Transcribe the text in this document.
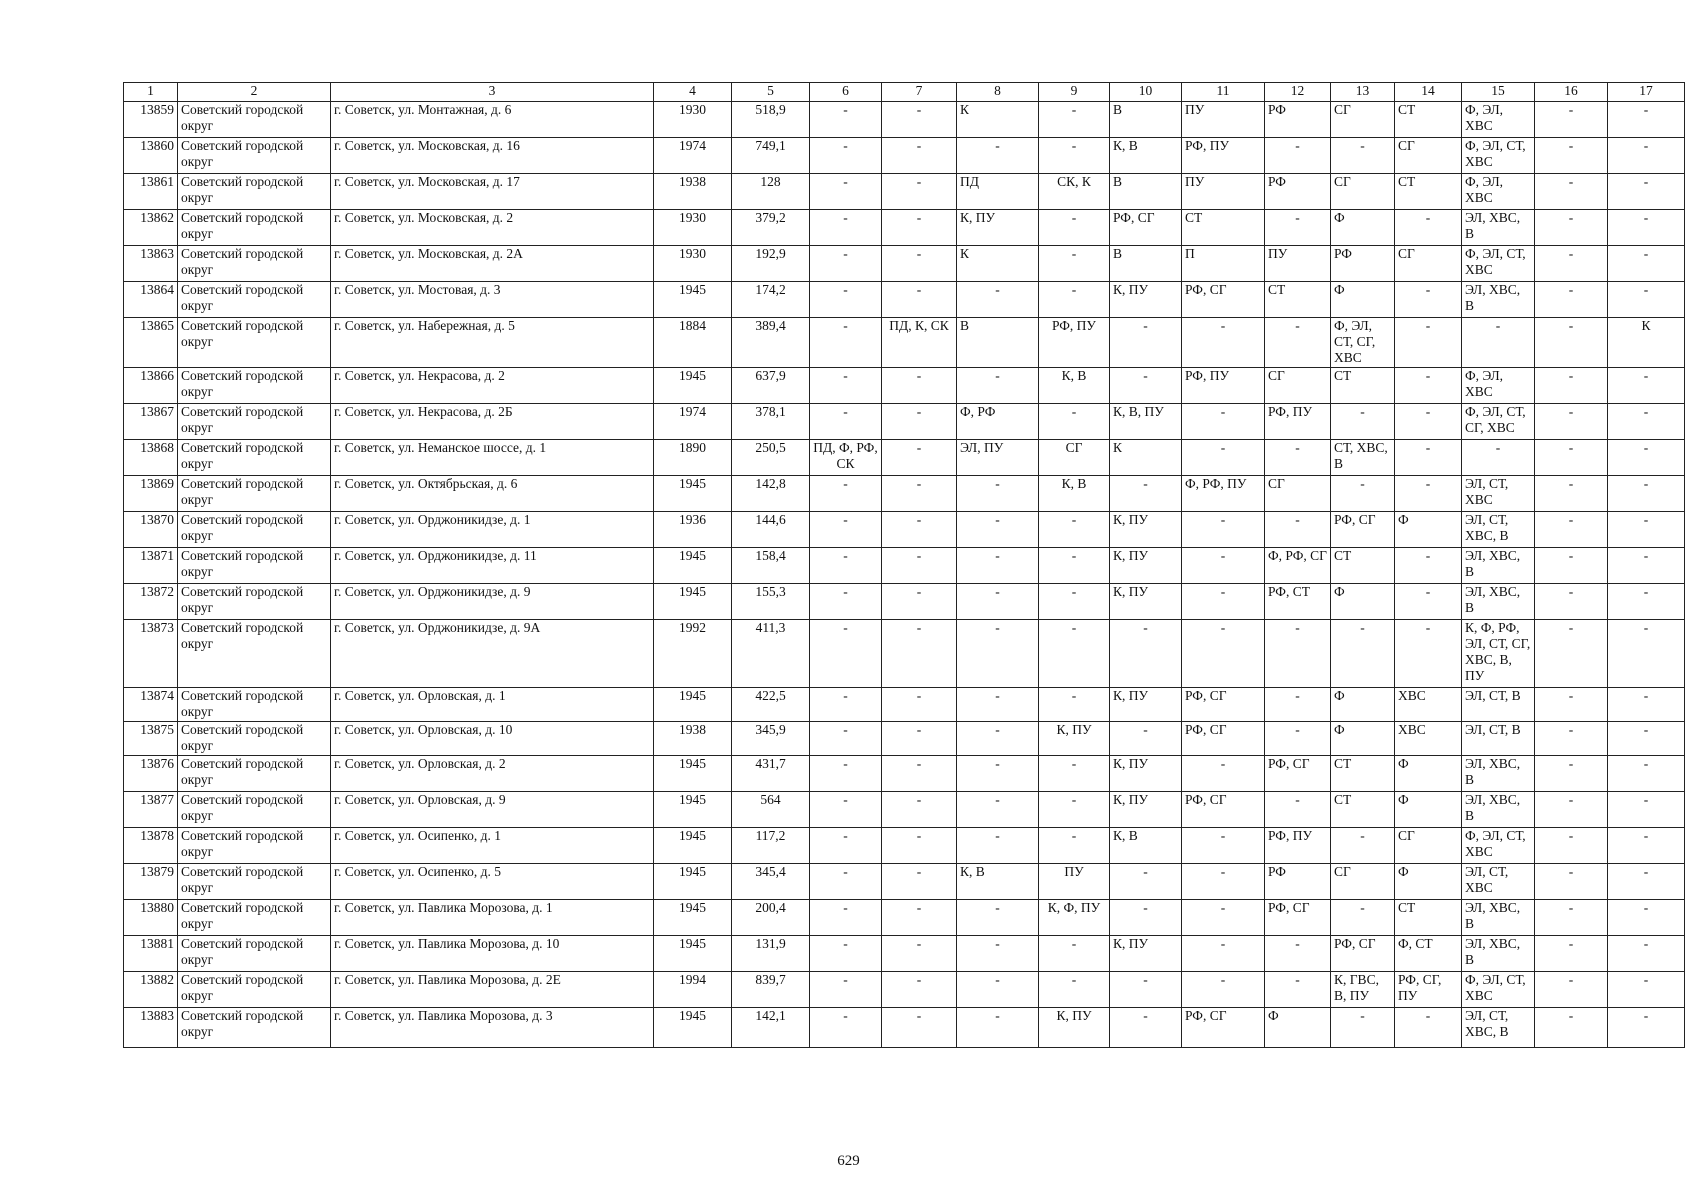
1	2	3	4	5	6	7	8	9	10	11	12	13	14	15	16	17
13859	Советский городской округ	г. Советск, ул. Монтажная, д. 6	1930	518,9	-	-	К	-	В	ПУ	РФ	СГ	СТ	Ф, ЭЛ, ХВС	-	-
13860	Советский городской округ	г. Советск, ул. Московская, д. 16	1974	749,1	-	-	-	-	К, В	РФ, ПУ	-	-	СГ	Ф, ЭЛ, СТ, ХВС	-	-
13861	Советский городской округ	г. Советск, ул. Московская, д. 17	1938	128	-	-	ПД	СК, К	В	ПУ	РФ	СГ	СТ	Ф, ЭЛ, ХВС	-	-
13862	Советский городской округ	г. Советск, ул. Московская, д. 2	1930	379,2	-	-	К, ПУ	-	РФ, СГ	СТ	-	Ф	-	ЭЛ, ХВС, В	-	-
13863	Советский городской округ	г. Советск, ул. Московская, д. 2А	1930	192,9	-	-	К	-	В	П	ПУ	РФ	СГ	Ф, ЭЛ, СТ, ХВС	-	-
13864	Советский городской округ	г. Советск, ул. Мостовая, д. 3	1945	174,2	-	-	-	-	К, ПУ	РФ, СГ	СТ	Ф	-	ЭЛ, ХВС, В	-	-
13865	Советский городской округ	г. Советск, ул. Набережная, д. 5	1884	389,4	-	ПД, К, СК	В	РФ, ПУ	-	-	-	Ф, ЭЛ, СТ, СГ, ХВС	-	-	-	К
13866	Советский городской округ	г. Советск, ул. Некрасова, д. 2	1945	637,9	-	-	-	К, В	-	РФ, ПУ	СГ	СТ	-	Ф, ЭЛ, ХВС	-	-
13867	Советский городской округ	г. Советск, ул. Некрасова, д. 2Б	1974	378,1	-	-	Ф, РФ	-	К, В, ПУ	-	РФ, ПУ	-	-	Ф, ЭЛ, СТ, СГ, ХВС	-	-
13868	Советский городской округ	г. Советск, ул. Неманское шоссе, д. 1	1890	250,5	ПД, Ф, РФ, СК	-	ЭЛ, ПУ	СГ	К	-	-	СТ, ХВС, В	-	-	-	-
13869	Советский городской округ	г. Советск, ул. Октябрьская, д. 6	1945	142,8	-	-	-	К, В	-	Ф, РФ, ПУ	СГ	-	-	ЭЛ, СТ, ХВС	-	-
13870	Советский городской округ	г. Советск, ул. Орджоникидзе, д. 1	1936	144,6	-	-	-	-	К, ПУ	-	-	РФ, СГ	Ф	ЭЛ, СТ, ХВС, В	-	-
13871	Советский городской округ	г. Советск, ул. Орджоникидзе, д. 11	1945	158,4	-	-	-	-	К, ПУ	-	Ф, РФ, СГ	СТ	-	ЭЛ, ХВС, В	-	-
13872	Советский городской округ	г. Советск, ул. Орджоникидзе, д. 9	1945	155,3	-	-	-	-	К, ПУ	-	РФ, СТ	Ф	-	ЭЛ, ХВС, В	-	-
13873	Советский городской округ	г. Советск, ул. Орджоникидзе, д. 9А	1992	411,3	-	-	-	-	-	-	-	-	-	К, Ф, РФ, ЭЛ, СТ, СГ, ХВС, В, ПУ	-	-
13874	Советский городской округ	г. Советск, ул. Орловская, д. 1	1945	422,5	-	-	-	-	К, ПУ	РФ, СГ	-	Ф	ХВС	ЭЛ, СТ, В	-	-
13875	Советский городской округ	г. Советск, ул. Орловская, д. 10	1938	345,9	-	-	-	К, ПУ	-	РФ, СГ	-	Ф	ХВС	ЭЛ, СТ, В	-	-
13876	Советский городской округ	г. Советск, ул. Орловская, д. 2	1945	431,7	-	-	-	-	К, ПУ	-	РФ, СГ	СТ	Ф	ЭЛ, ХВС, В	-	-
13877	Советский городской округ	г. Советск, ул. Орловская, д. 9	1945	564	-	-	-	-	К, ПУ	РФ, СГ	-	СТ	Ф	ЭЛ, ХВС, В	-	-
13878	Советский городской округ	г. Советск, ул. Осипенко, д. 1	1945	117,2	-	-	-	-	К, В	-	РФ, ПУ	-	СГ	Ф, ЭЛ, СТ, ХВС	-	-
13879	Советский городской округ	г. Советск, ул. Осипенко, д. 5	1945	345,4	-	-	К, В	ПУ	-	-	РФ	СГ	Ф	ЭЛ, СТ, ХВС	-	-
13880	Советский городской округ	г. Советск, ул. Павлика Морозова, д. 1	1945	200,4	-	-	-	К, Ф, ПУ	-	-	РФ, СГ	-	СТ	ЭЛ, ХВС, В	-	-
13881	Советский городской округ	г. Советск, ул. Павлика Морозова, д. 10	1945	131,9	-	-	-	-	К, ПУ	-	-	РФ, СГ	Ф, СТ	ЭЛ, ХВС, В	-	-
13882	Советский городской округ	г. Советск, ул. Павлика Морозова, д. 2Е	1994	839,7	-	-	-	-	-	-	-	К, ГВС, В, ПУ	РФ, СГ, ПУ	Ф, ЭЛ, СТ, ХВС	-	-
13883	Советский городской округ	г. Советск, ул. Павлика Морозова, д. 3	1945	142,1	-	-	-	К, ПУ	-	РФ, СГ	Ф	-	-	ЭЛ, СТ, ХВС, В	-	-
629
